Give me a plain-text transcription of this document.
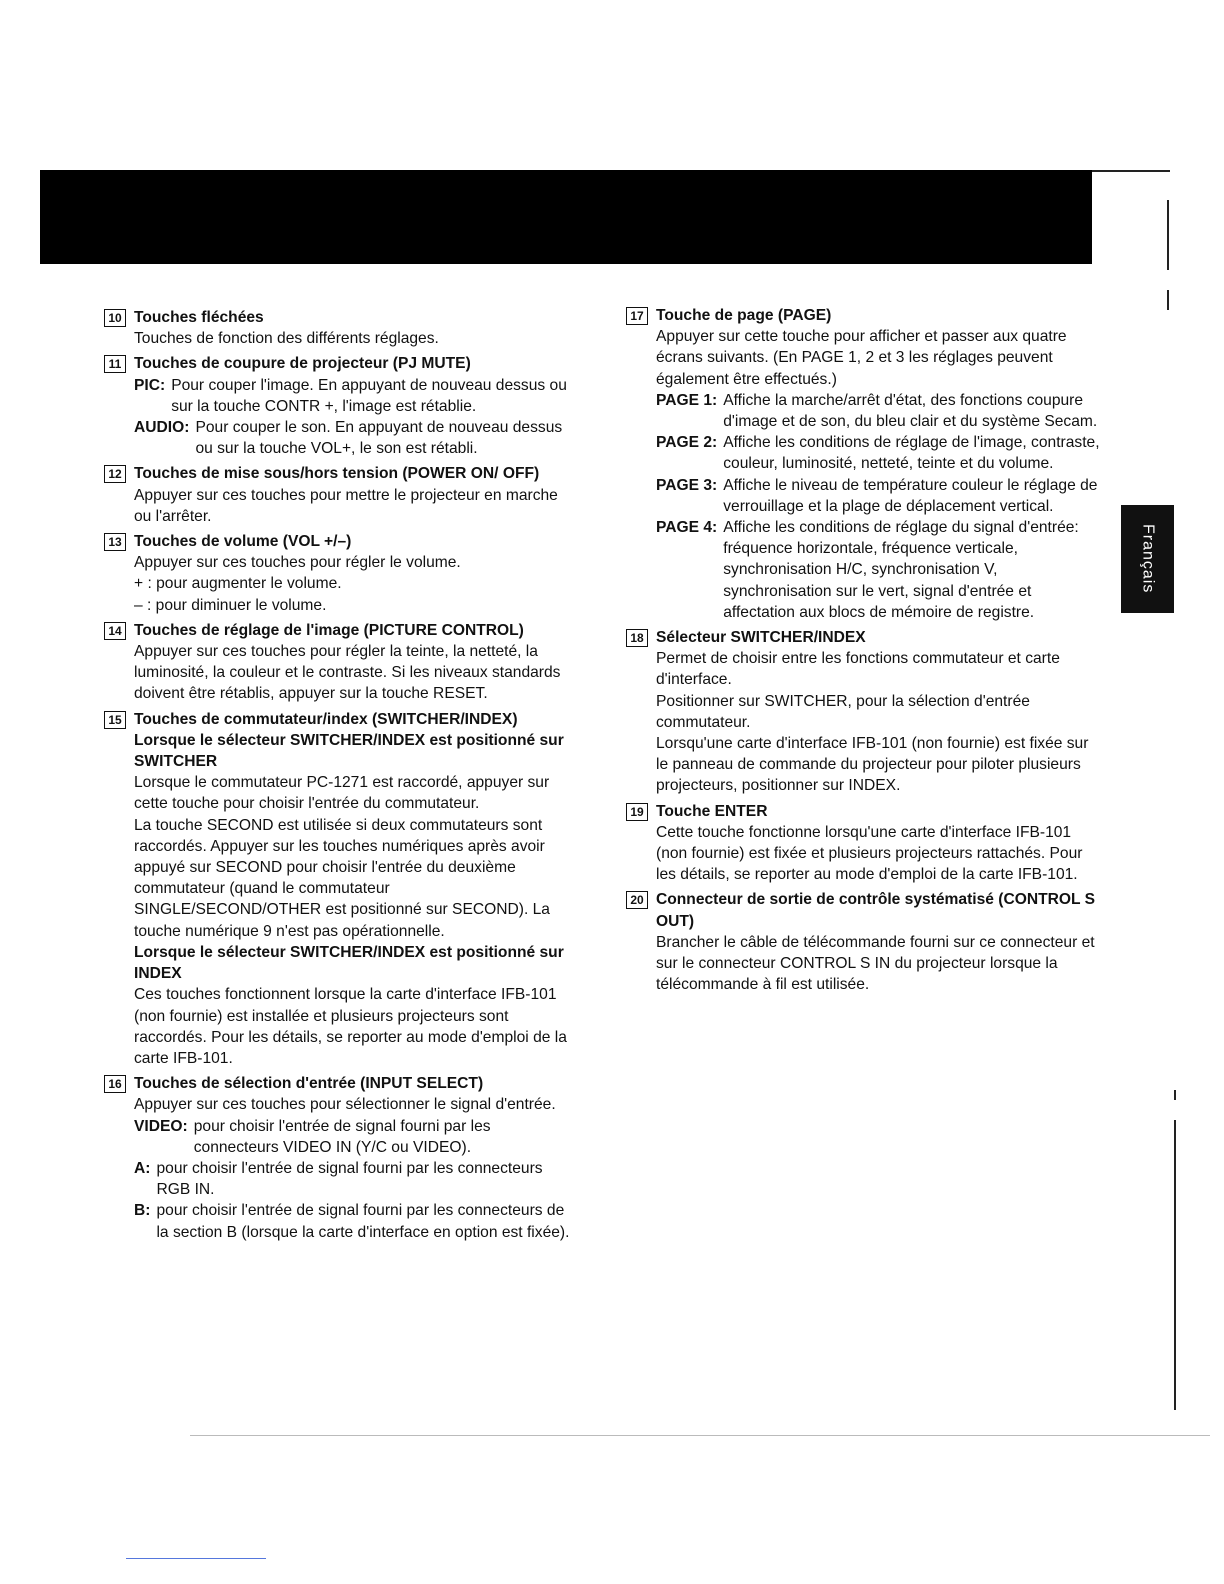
Français
10 Touches fléchées

Touches de fonction des différents réglages.

11 Touches de coupure de projecteur (PJ MUTE)
PIC: Pour couper l'image. En appuyant de nouveau dessus ou sur la touche CONTR +, l'image est rétablie.
AUDIO: Pour couper le son. En appuyant de nouveau dessus ou sur la touche VOL+, le son est rétabli.
12 Touches de mise sous/hors tension (POWER ON/ OFF)

Appuyer sur ces touches pour mettre le projecteur en marche ou l'arrêter.

13 Touches de volume (VOL +/–)

Appuyer sur ces touches pour régler le volume.

+ : pour augmenter le volume.

– : pour diminuer le volume.

14 Touches de réglage de l'image (PICTURE CONTROL)

Appuyer sur ces touches pour régler la teinte, la netteté, la luminosité, la couleur et le contraste. Si les niveaux standards doivent être rétablis, appuyer sur la touche RESET.

15 Touches de commutateur/index (SWITCHER/INDEX)
Lorsque le sélecteur SWITCHER/INDEX est positionné sur SWITCHER

Lorsque le commutateur PC-1271 est raccordé, appuyer sur cette touche pour choisir l'entrée du commutateur.

La touche SECOND est utilisée si deux commutateurs sont raccordés. Appuyer sur les touches numériques après avoir appuyé sur SECOND pour choisir l'entrée du deuxième commutateur (quand le commutateur SINGLE/SECOND/OTHER est positionné sur SECOND). La touche numérique 9 n'est pas opérationnelle.

Lorsque le sélecteur SWITCHER/INDEX est positionné sur INDEX

Ces touches fonctionnent lorsque la carte d'interface IFB-101 (non fournie) est installée et plusieurs projecteurs sont raccordés. Pour les détails, se reporter au mode d'emploi de la carte IFB-101.

16 Touches de sélection d'entrée (INPUT SELECT)

Appuyer sur ces touches pour sélectionner le signal d'entrée.

VIDEO: pour choisir l'entrée de signal fourni par les connecteurs VIDEO IN (Y/C ou VIDEO).
A: pour choisir l'entrée de signal fourni par les connecteurs RGB IN.
B: pour choisir l'entrée de signal fourni par les connecteurs de la section B (lorsque la carte d'interface en option est fixée).
17 Touche de page (PAGE)

Appuyer sur cette touche pour afficher et passer aux quatre écrans suivants. (En PAGE 1, 2 et 3 les réglages peuvent également être effectués.)

PAGE 1: Affiche la marche/arrêt d'état, des fonctions coupure d'image et de son, du bleu clair et du système Secam.
PAGE 2: Affiche les conditions de réglage de l'image, contraste, couleur, luminosité, netteté, teinte et du volume.
PAGE 3: Affiche le niveau de température couleur le réglage de verrouillage et la plage de déplacement vertical.
PAGE 4: Affiche les conditions de réglage du signal d'entrée: fréquence horizontale, fréquence verticale, synchronisation H/C, synchronisation V, synchronisation sur le vert, signal d'entrée et affectation aux blocs de mémoire de registre.
18 Sélecteur SWITCHER/INDEX

Permet de choisir entre les fonctions commutateur et carte d'interface.

Positionner sur SWITCHER, pour la sélection d'entrée commutateur.

Lorsqu'une carte d'interface IFB-101 (non fournie) est fixée sur le panneau de commande du projecteur pour piloter plusieurs projecteurs, positionner sur INDEX.

19 Touche ENTER

Cette touche fonctionne lorsqu'une carte d'interface IFB-101 (non fournie) est fixée et plusieurs projecteurs rattachés. Pour les détails, se reporter au mode d'emploi de la carte IFB-101.

20 Connecteur de sortie de contrôle systématisé (CONTROL S OUT)

Brancher le câble de télécommande fourni sur ce connecteur et sur le connecteur CONTROL S IN du projecteur lorsque la télécommande à fil est utilisée.
